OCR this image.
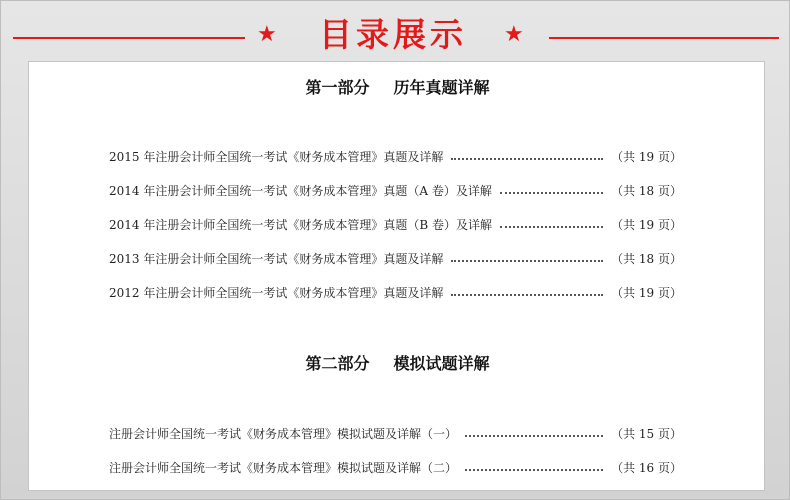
★	目录展示	★
第一部分 历年真题详解
2015 年注册会计师全国统一考试《财务成本管理》真题及详解	（共 19 页）
2014 年注册会计师全国统一考试《财务成本管理》真题（A 卷）及详解	（共 18 页）
2014 年注册会计师全国统一考试《财务成本管理》真题（B 卷）及详解	（共 19 页）
2013 年注册会计师全国统一考试《财务成本管理》真题及详解	（共 18 页）
2012 年注册会计师全国统一考试《财务成本管理》真题及详解	（共 19 页）
第二部分 模拟试题详解
注册会计师全国统一考试《财务成本管理》模拟试题及详解（一）	（共 15 页）
注册会计师全国统一考试《财务成本管理》模拟试题及详解（二）	（共 16 页）
